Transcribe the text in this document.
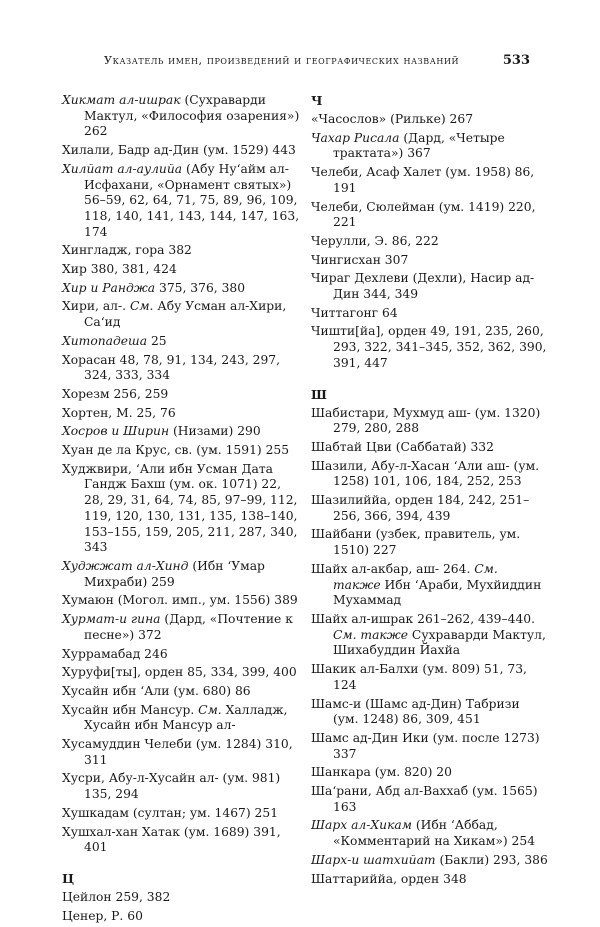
Указатель имен, произведений и географических названий	533
Хикмат ал-ишрак (Сухраварди Мактул, «Философия озарения») 262
Хилали, Бадр ад-Дин (ум. 1529) 443
Хилйат ал-аулийа (Абу Ну‘айм ал-Исфахани, «Орнамент святых») 56–59, 62, 64, 71, 75, 89, 96, 109, 118, 140, 141, 143, 144, 147, 163, 174
Хингладж, гора 382
Хир 380, 381, 424
Хир и Ранджа 375, 376, 380
Хири, ал-. См. Абу Усман ал-Хири, Са‘ид
Хитопадеша 25
Хорасан 48, 78, 91, 134, 243, 297, 324, 333, 334
Хорезм 256, 259
Хортен, М. 25, 76
Хосров и Ширин (Низами) 290
Хуан де ла Крус, св. (ум. 1591) 255
Худжвири, ‘Али ибн Усман Дата Гандж Бахш (ум. ок. 1071) 22, 28, 29, 31, 64, 74, 85, 97–99, 112, 119, 120, 130, 131, 135, 138–140, 153–155, 159, 205, 211, 287, 340, 343
Худжжат ал-Хинд (Ибн ‘Умар Михраби) 259
Хумаюн (Могол. имп., ум. 1556) 389
Хурмат-и гина (Дард, «Почтение к песне») 372
Хуррамабад 246
Хуруфи[ты], орден 85, 334, 399, 400
Хусайн ибн ‘Али (ум. 680) 86
Хусайн ибн Мансур. См. Халладж, Хусайн ибн Мансур ал-
Хусамуддин Челеби (ум. 1284) 310, 311
Хусри, Абу-л-Хусайн ал- (ум. 981) 135, 294
Хушкадам (султан; ум. 1467) 251
Хушхал-хан Хатак (ум. 1689) 391, 401
Ц
Цейлон 259, 382
Ценер, Р. 60
Ч
«Часослов» (Рильке) 267
Чахар Рисала (Дард, «Четыре трактата») 367
Челеби, Асаф Халет (ум. 1958) 86, 191
Челеби, Сюлейман (ум. 1419) 220, 221
Черулли, Э. 86, 222
Чингисхан 307
Чираг Дехлеви (Дехли), Насир ад-Дин 344, 349
Читтагонг 64
Чишти[йа], орден 49, 191, 235, 260, 293, 322, 341–345, 352, 362, 390, 391, 447
Ш
Шабистари, Мухмуд аш- (ум. 1320) 279, 280, 288
Шабтай Цви (Саббатай) 332
Шазили, Абу-л-Хасан ‘Али аш- (ум. 1258) 101, 106, 184, 252, 253
Шазилиййа, орден 184, 242, 251–256, 366, 394, 439
Шайбани (узбек, правитель, ум. 1510) 227
Шайх ал-акбар, аш- 264. См. также Ибн ‘Араби, Мухйиддин Мухаммад
Шайх ал-ишрак 261–262, 439–440. См. также Сухраварди Мактул, Шихабуддин Йахйа
Шакик ал-Балхи (ум. 809) 51, 73, 124
Шамс-и (Шамс ад-Дин) Табризи (ум. 1248) 86, 309, 451
Шамс ад-Дин Ики (ум. после 1273) 337
Шанкара (ум. 820) 20
Ша‘рани, Абд ал-Ваххаб (ум. 1565) 163
Шарх ал-Хикам (Ибн ‘Аббад, «Комментарий на Хикам») 254
Шарх-и шатхийат (Бакли) 293, 386
Шаттариййа, орден 348
